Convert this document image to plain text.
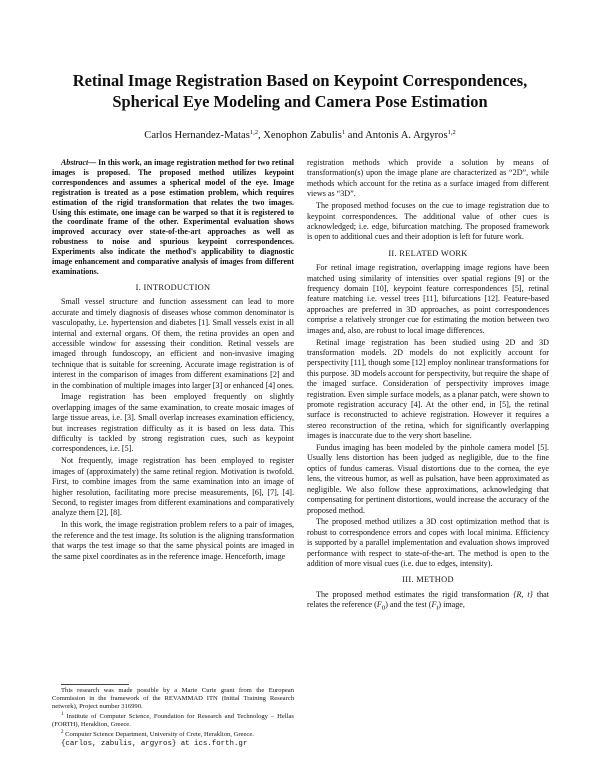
Retinal Image Registration Based on Keypoint Correspondences,
Spherical Eye Modeling and Camera Pose Estimation

Carlos Hernandez-Matas$^{1,2}$, Xenophon Zabulis$^1$ and Antonis A. Argyros$^{1,2}$

Abstract— In this work, an image registration method for two retinal images is proposed. The proposed method utilizes keypoint correspondences and assumes a spherical model of the eye. Image registration is treated as a pose estimation problem, which requires estimation of the rigid transformation that relates the two images. Using this estimate, one image can be warped so that it is registered to the coordinate frame of the other. Experimental evaluation shows improved accuracy over state-of-the-art approaches as well as robustness to noise and spurious keypoint correspondences. Experiments also indicate the method's applicability to diagnostic image enhancement and comparative analysis of images from different examinations.

I. INTRODUCTION

Small vessel structure and function assessment can lead to more accurate and timely diagnosis of diseases whose common denominator is vasculopathy, i.e. hypertension and diabetes [1]. Small vessels exist in all internal and external organs. Of them, the retina provides an open and accessible window for assessing their condition. Retinal vessels are imaged through fundoscopy, an efficient and non-invasive imaging technique that is suitable for screening. Accurate image registration is of interest in the comparison of images from different examinations [2] and in the combination of multiple images into larger [3] or enhanced [4] ones.

Image registration has been employed frequently on slightly overlapping images of the same examination, to create mosaic images of large tissue areas, i.e. [3]. Small overlap increases examination efficiency, but increases registration difficulty as it is based on less data. This difficulty is tackled by strong registration cues, such as keypoint correspondences, i.e. [5].

Not frequently, image registration has been employed to register images of (approximately) the same retinal region. Motivation is twofold. First, to combine images from the same examination into an image of higher resolution, facilitating more precise measurements, [6], [7], [4]. Second, to register images from different examinations and comparatively analyze them [2], [8].

In this work, the image registration problem refers to a pair of images, the reference and the test image. Its solution is the aligning transformation that warps the test image so that the same physical points are imaged in the same pixel coordinates as in the reference image. Henceforth, image

This research was made possible by a Marie Curie grant from the European Commission in the framework of the REVAMMAD ITN (Initial Training Research network), Project number 316990.

$^1$ Institute of Computer Science, Foundation for Research and Technology – Hellas (FORTH), Heraklion, Greece.

$^2$ Computer Science Department, University of Crete, Heraklion, Greece.

{carlos, zabulis, argyros} at ics.forth.gr

registration methods which provide a solution by means of transformation(s) upon the image plane are characterized as “2D”, while methods which account for the retina as a surface imaged from different views as “3D”.

The proposed method focuses on the cue to image registration due to keypoint correspondences. The additional value of other cues is acknowledged; i.e. edge, bifurcation matching. The proposed framework is open to additional cues and their adoption is left for future work.

II. RELATED WORK

For retinal image registration, overlapping image regions have been matched using similarity of intensities over spatial regions [9] or the frequency domain [10], keypoint feature correspondences [5], retinal feature matching i.e. vessel trees [11], bifurcations [12]. Feature-based approaches are preferred in 3D approaches, as point correspondences comprise a relatively stronger cue for estimating the motion between two images and, also, are robust to local image differences.

Retinal image registration has been studied using 2D and 3D transformation models. 2D models do not explicitly account for perspectivity [11], though some [12] employ nonlinear transformations for this purpose. 3D models account for perspectivity, but require the shape of the imaged surface. Consideration of perspectivity improves image registration. Even simple surface models, as a planar patch, were shown to promote registration accuracy [4]. At the other end, in [5], the retinal surface is reconstructed to achieve registration. However it requires a stereo reconstruction of the retina, which for significantly overlapping images is inaccurate due to the very short baseline.

Fundus imaging has been modeled by the pinhole camera model [5]. Usually lens distortion has been judged as negligible, due to the fine optics of fundus cameras. Visual distortions due to the cornea, the eye lens, the vitreous humor, as well as pulsation, have been approximated as negligible. We also follow these approximations, acknowledging that compensating for pertinent distortions, would increase the accuracy of the proposed method.

The proposed method utilizes a 3D cost optimization method that is robust to correspondence errors and copes with local minima. Efficiency is supported by a parallel implementation and evaluation shows improved performance with respect to state-of-the-art. The method is open to the addition of more visual cues (i.e. due to edges, intensity).

III. METHOD

The proposed method estimates the rigid transformation {R, t} that relates the reference $(F_0)$ and the test $(F_t)$ image,
